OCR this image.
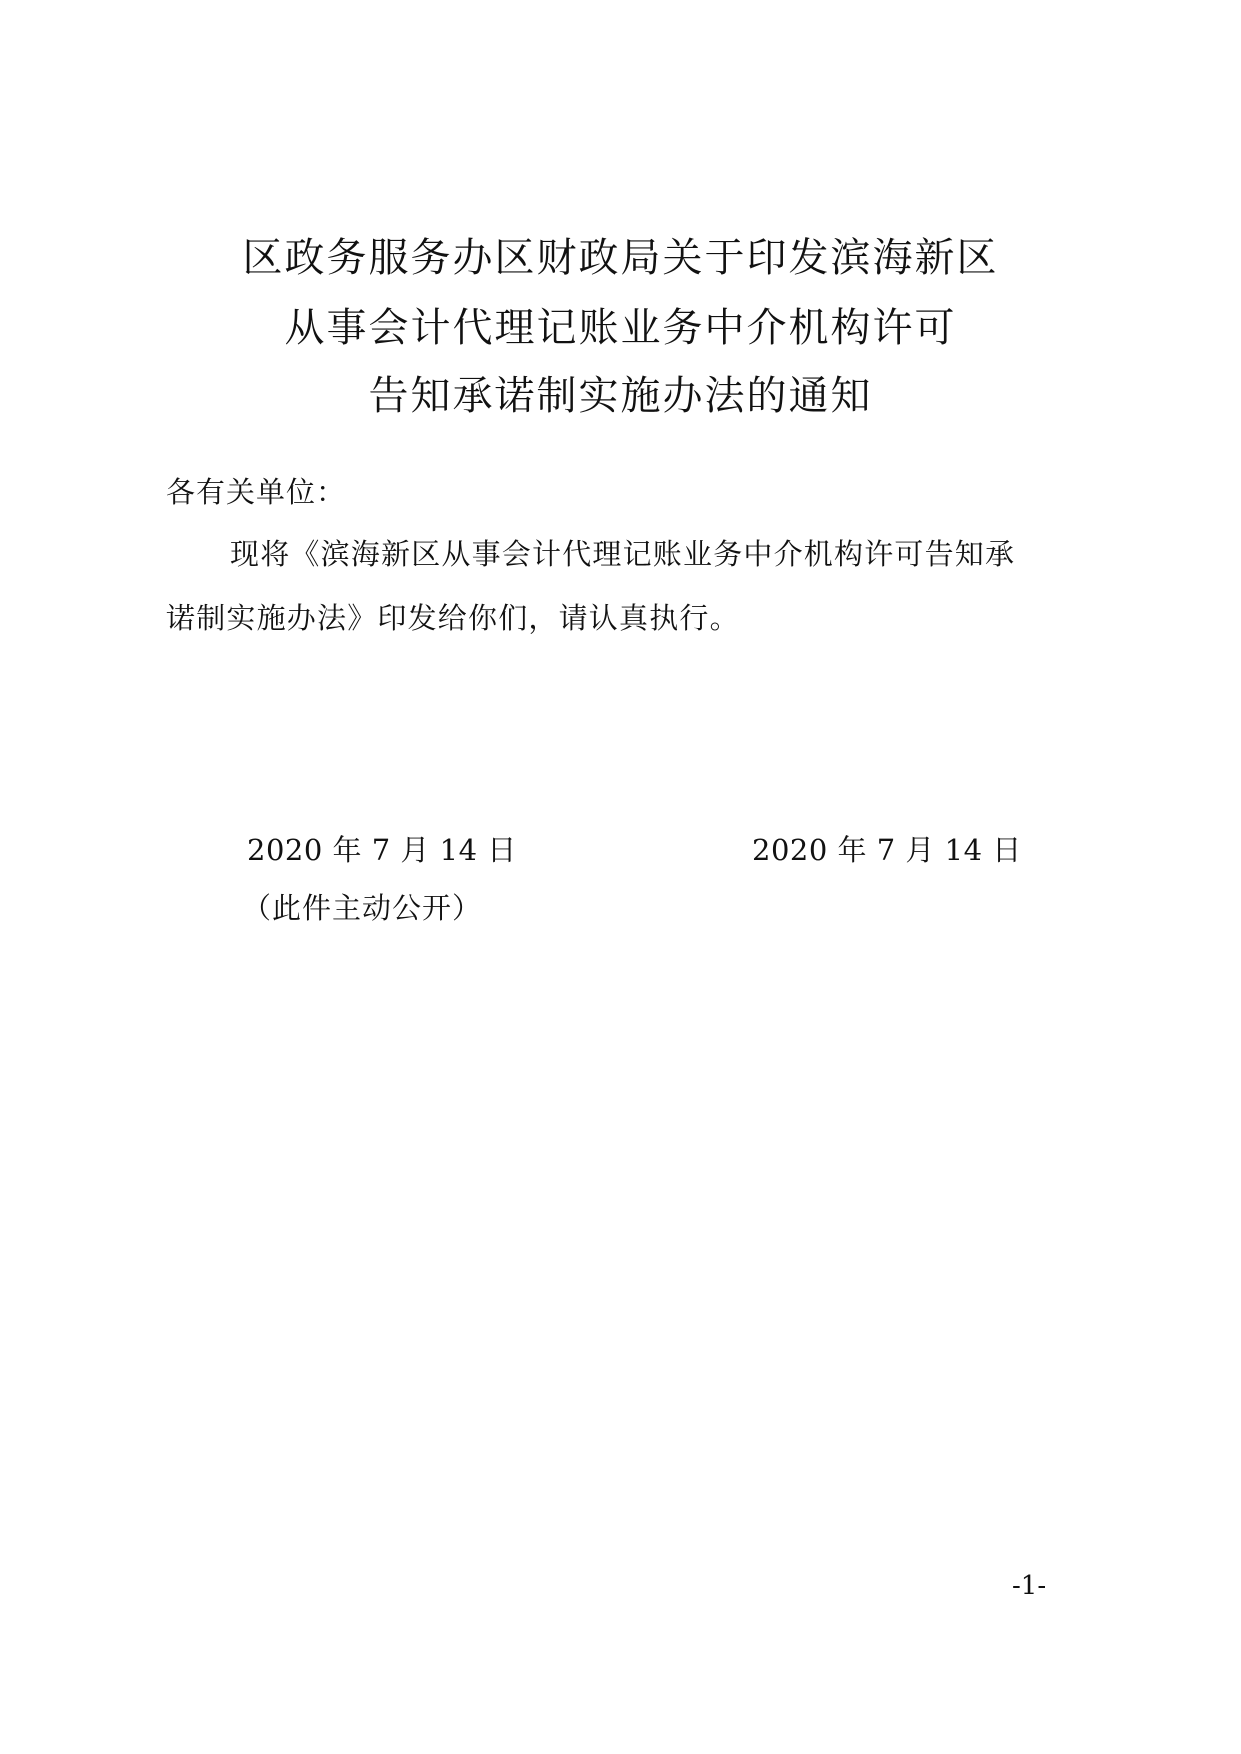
区政务服务办区财政局关于印发滨海新区
从事会计代理记账业务中介机构许可
告知承诺制实施办法的通知
各有关单位：
现将《滨海新区从事会计代理记账业务中介机构许可告知承
诺制实施办法》印发给你们，请认真执行。
2020 年 7 月 14 日	2020 年 7 月 14 日
（此件主动公开）
-1-
